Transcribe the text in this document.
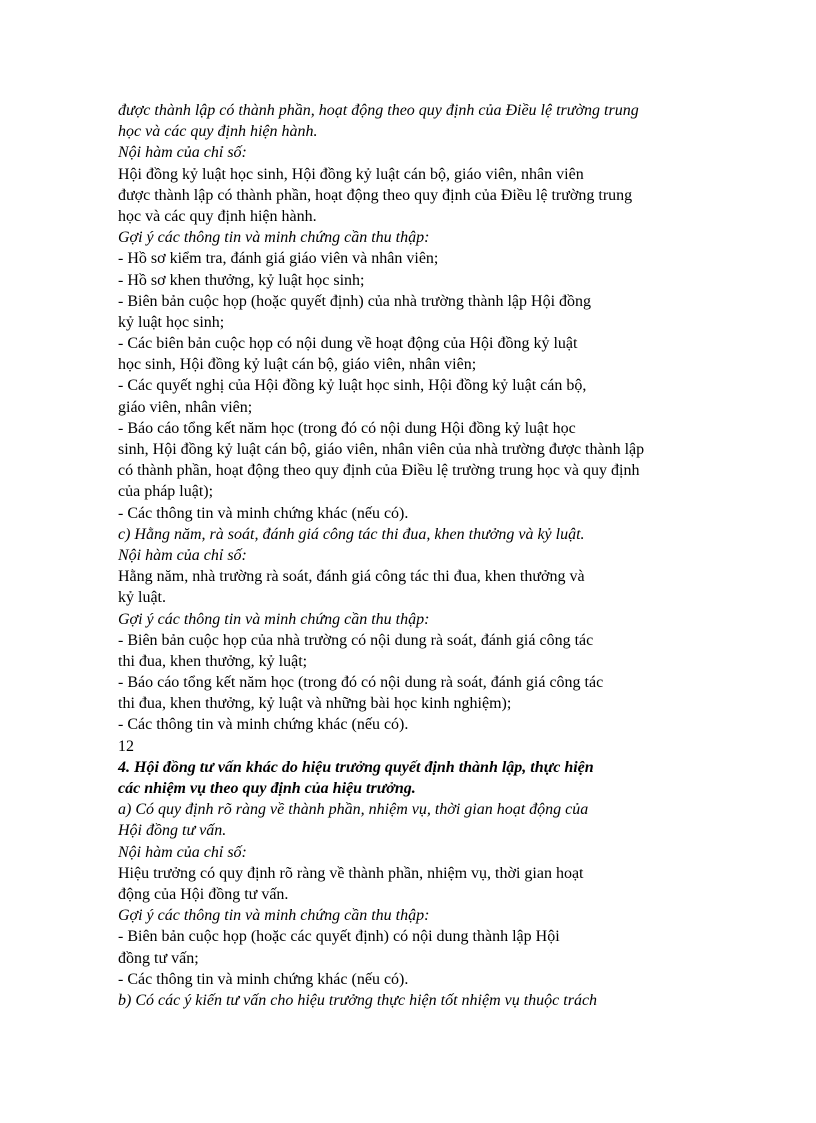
được thành lập có thành phần, hoạt động theo quy định của Điều lệ trường trung
học và các quy định hiện hành.
Nội hàm của chỉ số:
Hội đồng kỷ luật học sinh, Hội đồng kỷ luật cán bộ, giáo viên, nhân viên
được thành lập có thành phần, hoạt động theo quy định của Điều lệ trường trung
học và các quy định hiện hành.
Gợi ý các thông tin và minh chứng cần thu thập:
- Hồ sơ kiểm tra, đánh giá giáo viên và nhân viên;
- Hồ sơ khen thưởng, kỷ luật học sinh;
- Biên bản cuộc họp (hoặc quyết định) của nhà trường thành lập Hội đồng
kỷ luật học sinh;
- Các biên bản cuộc họp có nội dung về hoạt động của Hội đồng kỷ luật
học sinh, Hội đồng kỷ luật cán bộ, giáo viên, nhân viên;
- Các quyết nghị của Hội đồng kỷ luật học sinh, Hội đồng kỷ luật cán bộ,
giáo viên, nhân viên;
- Báo cáo tổng kết năm học (trong đó có nội dung Hội đồng kỷ luật học
sinh, Hội đồng kỷ luật cán bộ, giáo viên, nhân viên của nhà trường được thành lập
có thành phần, hoạt động theo quy định của Điều lệ trường trung học và quy định
của pháp luật);
- Các thông tin và minh chứng khác (nếu có).
c) Hằng năm, rà soát, đánh giá công tác thi đua, khen thưởng và kỷ luật.
Nội hàm của chỉ số:
Hằng năm, nhà trường rà soát, đánh giá công tác thi đua, khen thưởng và
kỷ luật.
Gợi ý các thông tin và minh chứng cần thu thập:
- Biên bản cuộc họp của nhà trường có nội dung rà soát, đánh giá công tác
thi đua, khen thưởng, kỷ luật;
- Báo cáo tổng kết năm học (trong đó có nội dung rà soát, đánh giá công tác
thi đua, khen thưởng, kỷ luật và những bài học kinh nghiệm);
- Các thông tin và minh chứng khác (nếu có).
12
4. Hội đồng tư vấn khác do hiệu trưởng quyết định thành lập, thực hiện
các nhiệm vụ theo quy định của hiệu trưởng.
a) Có quy định rõ ràng về thành phần, nhiệm vụ, thời gian hoạt động của
Hội đồng tư vấn.
Nội hàm của chỉ số:
Hiệu trưởng có quy định rõ ràng về thành phần, nhiệm vụ, thời gian hoạt
động của Hội đồng tư vấn.
Gợi ý các thông tin và minh chứng cần thu thập:
- Biên bản cuộc họp (hoặc các quyết định) có nội dung thành lập Hội
đồng tư vấn;
- Các thông tin và minh chứng khác (nếu có).
b) Có các ý kiến tư vấn cho hiệu trưởng thực hiện tốt nhiệm vụ thuộc trách
